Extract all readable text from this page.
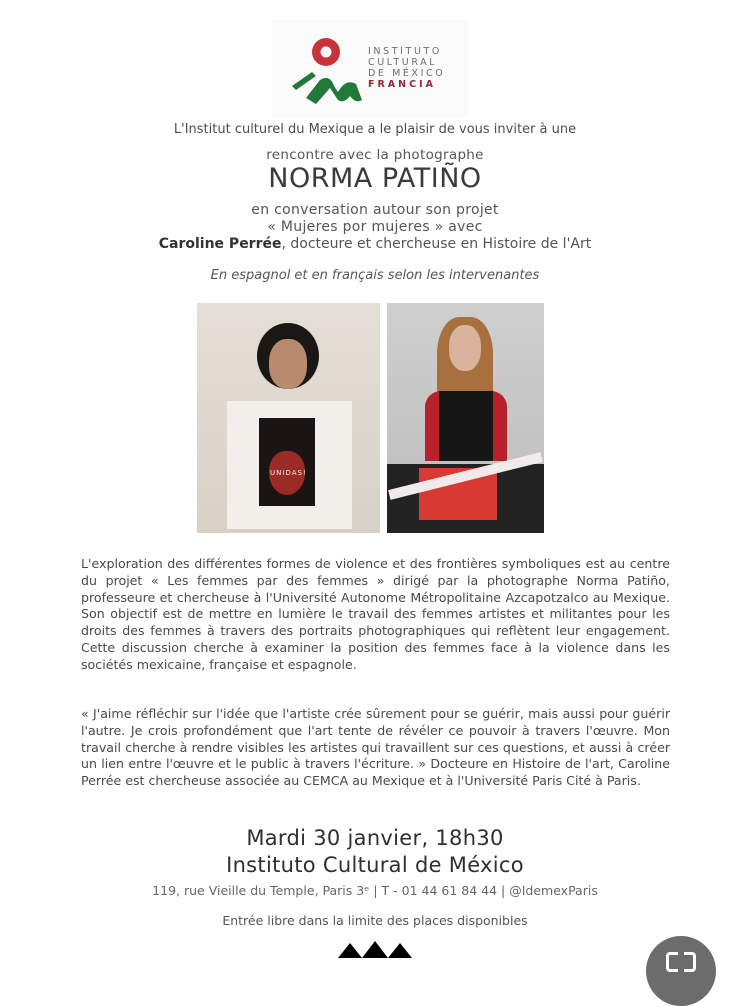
INSTITUTO
CULTURAL
DE MÉXICO
FRANCIA
L'Institut culturel du Mexique a le plaisir de vous inviter à une
rencontre avec la photographe
NORMA PATIÑO
en conversation autour son projet
« Mujeres por mujeres » avec
Caroline Perrée, docteure et chercheuse en Histoire de l'Art
En espagnol et en français selon les intervenantes
UNIDAS!
L'exploration des différentes formes de violence et des frontières symboliques est au centre du projet « Les femmes par des femmes » dirigé par la photographe Norma Patiño, professeure et chercheuse à l'Université Autonome Métropolitaine Azcapotzalco au Mexique. Son objectif est de mettre en lumière le travail des femmes artistes et militantes pour les droits des femmes à travers des portraits photographiques qui reflètent leur engagement. Cette discussion cherche à examiner la position des femmes face à la violence dans les sociétés mexicaine, française et espagnole.
« J'aime réfléchir sur l'idée que l'artiste crée sûrement pour se guérir, mais aussi pour guérir l'autre. Je crois profondément que l'art tente de révéler ce pouvoir à travers l'œuvre. Mon travail cherche à rendre visibles les artistes qui travaillent sur ces questions, et aussi à créer un lien entre l'œuvre et le public à travers l'écriture. » Docteure en Histoire de l'art, Caroline Perrée est chercheuse associée au CEMCA au Mexique et à l'Université Paris Cité à Paris.
Mardi 30 janvier, 18h30
Instituto Cultural de México
119, rue Vieille du Temple, Paris 3ᵉ | T - 01 44 61 84 44 | @IdemexParis
Entrée libre dans la limite des places disponibles
